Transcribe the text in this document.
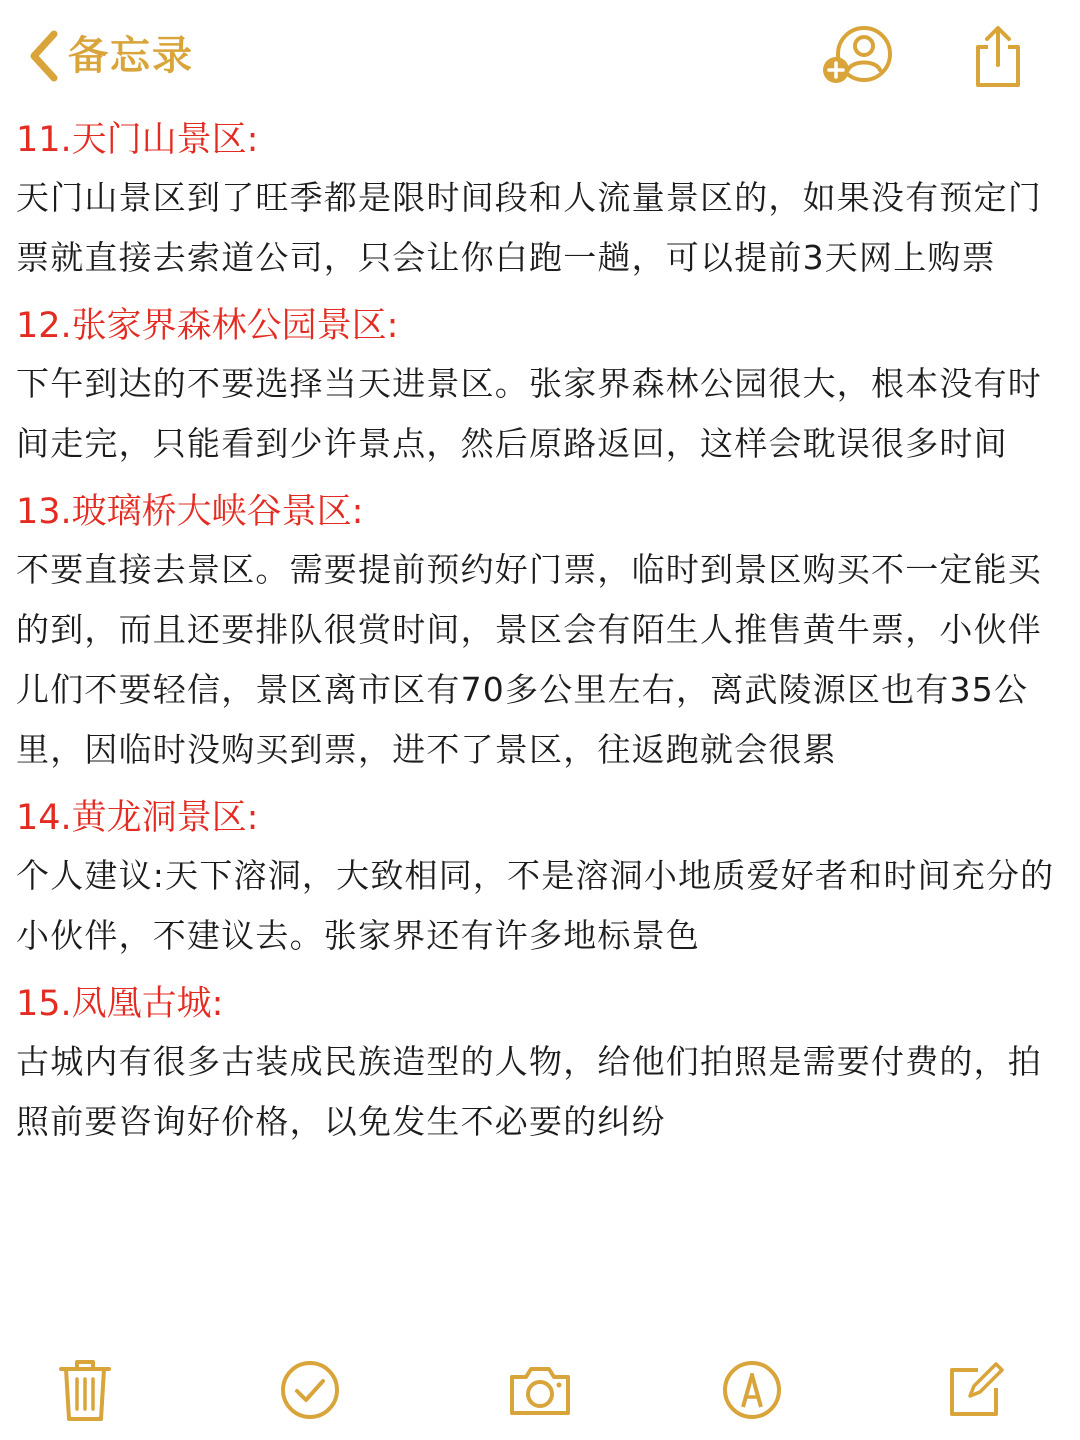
备忘录
11.天门山景区:
天门山景区到了旺季都是限时间段和人流量景区的，如果没有预定门票就直接去索道公司，只会让你白跑一趟，可以提前3天网上购票
12.张家界森林公园景区:
下午到达的不要选择当天进景区。张家界森林公园很大，根本没有时间走完，只能看到少许景点，然后原路返回，这样会耽误很多时间
13.玻璃桥大峡谷景区:
不要直接去景区。需要提前预约好门票，临时到景区购买不一定能买的到，而且还要排队很赏时间，景区会有陌生人推售黄牛票，小伙伴儿们不要轻信，景区离市区有70多公里左右，离武陵源区也有35公里，因临时没购买到票，进不了景区，往返跑就会很累
14.黄龙洞景区:
个人建议:天下溶洞，大致相同，不是溶洞小地质爱好者和时间充分的小伙伴，不建议去。张家界还有许多地标景色
15.凤凰古城:
古城内有很多古装成民族造型的人物，给他们拍照是需要付费的，拍照前要咨询好价格，以免发生不必要的纠纷
